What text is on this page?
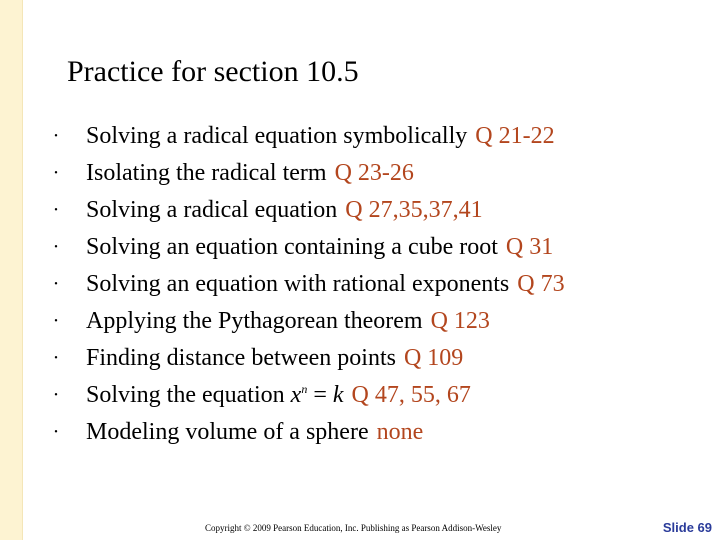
Practice for section 10.5
•	Solving a radical equation symbolically Q 21-22
•	Isolating the radical term Q 23-26
•	Solving a radical equation Q 27,35,37,41
•	Solving an equation containing a cube root Q 31
•	Solving an equation with rational exponents Q 73
•	Applying the Pythagorean theorem Q 123
•	Finding distance between points Q 109
•	Solving the equation $x^n = k$ Q 47, 55, 67
•	Modeling volume of a sphere none
Copyright © 2009 Pearson Education, Inc. Publishing as Pearson Addison-Wesley	Slide 69
